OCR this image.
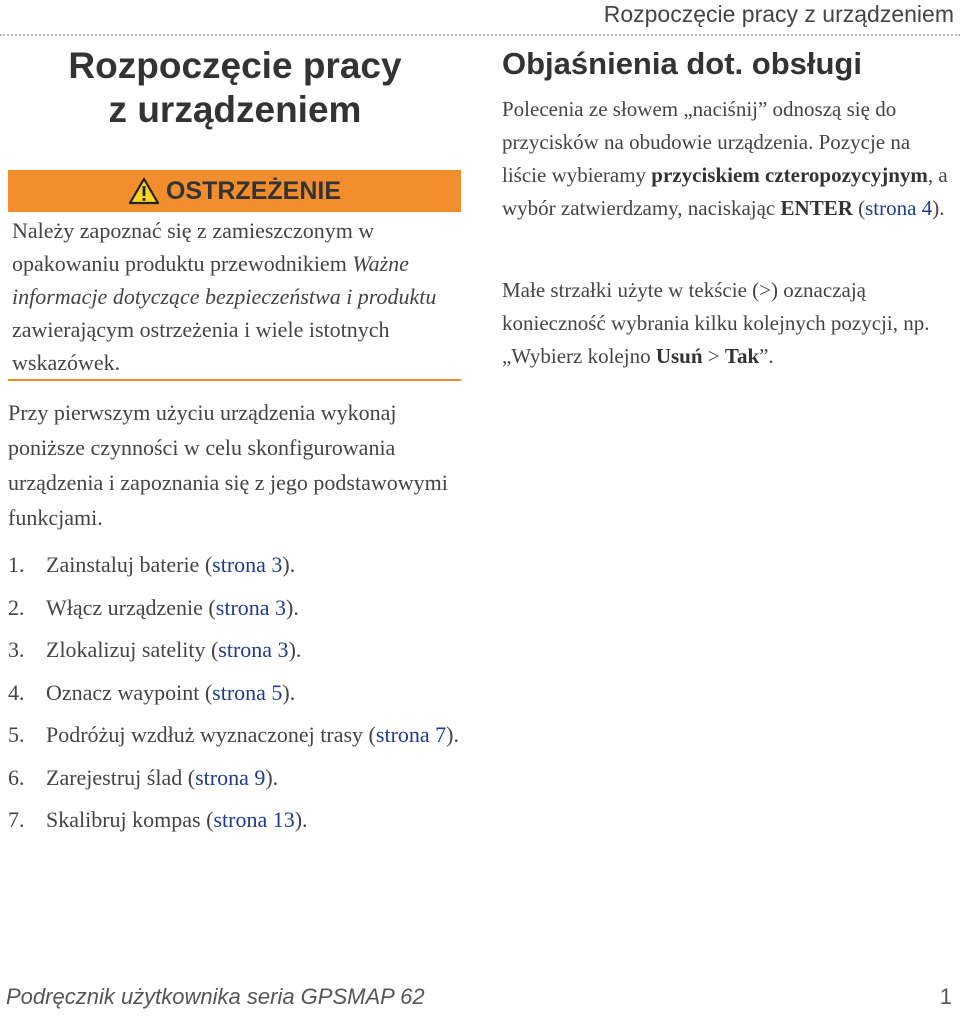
Rozpoczęcie pracy z urządzeniem
Rozpoczęcie pracy
z urządzeniem
OSTRZEŻENIE
Należy zapoznać się z zamieszczonym w opakowaniu produktu przewodnikiem Ważne informacje dotyczące bezpieczeństwa i produktu zawierającym ostrzeżenia i wiele istotnych wskazówek.
Przy pierwszym użyciu urządzenia wykonaj poniższe czynności w celu skonfigurowania urządzenia i zapoznania się z jego podstawowymi funkcjami.
1. Zainstaluj baterie (strona 3).
2. Włącz urządzenie (strona 3).
3. Zlokalizuj satelity (strona 3).
4. Oznacz waypoint (strona 5).
5. Podróżuj wzdłuż wyznaczonej trasy (strona 7).
6. Zarejestruj ślad (strona 9).
7. Skalibruj kompas (strona 13).
Objaśnienia dot. obsługi
Polecenia ze słowem „naciśnij” odnoszą się do przycisków na obudowie urządzenia. Pozycje na liście wybieramy przyciskiem czteropozycyjnym, a wybór zatwierdzamy, naciskając ENTER (strona 4).
Małe strzałki użyte w tekście (>) oznaczają konieczność wybrania kilku kolejnych pozycji, np. „Wybierz kolejno Usuń > Tak”.
Podręcznik użytkownika seria GPSMAP 62	1
